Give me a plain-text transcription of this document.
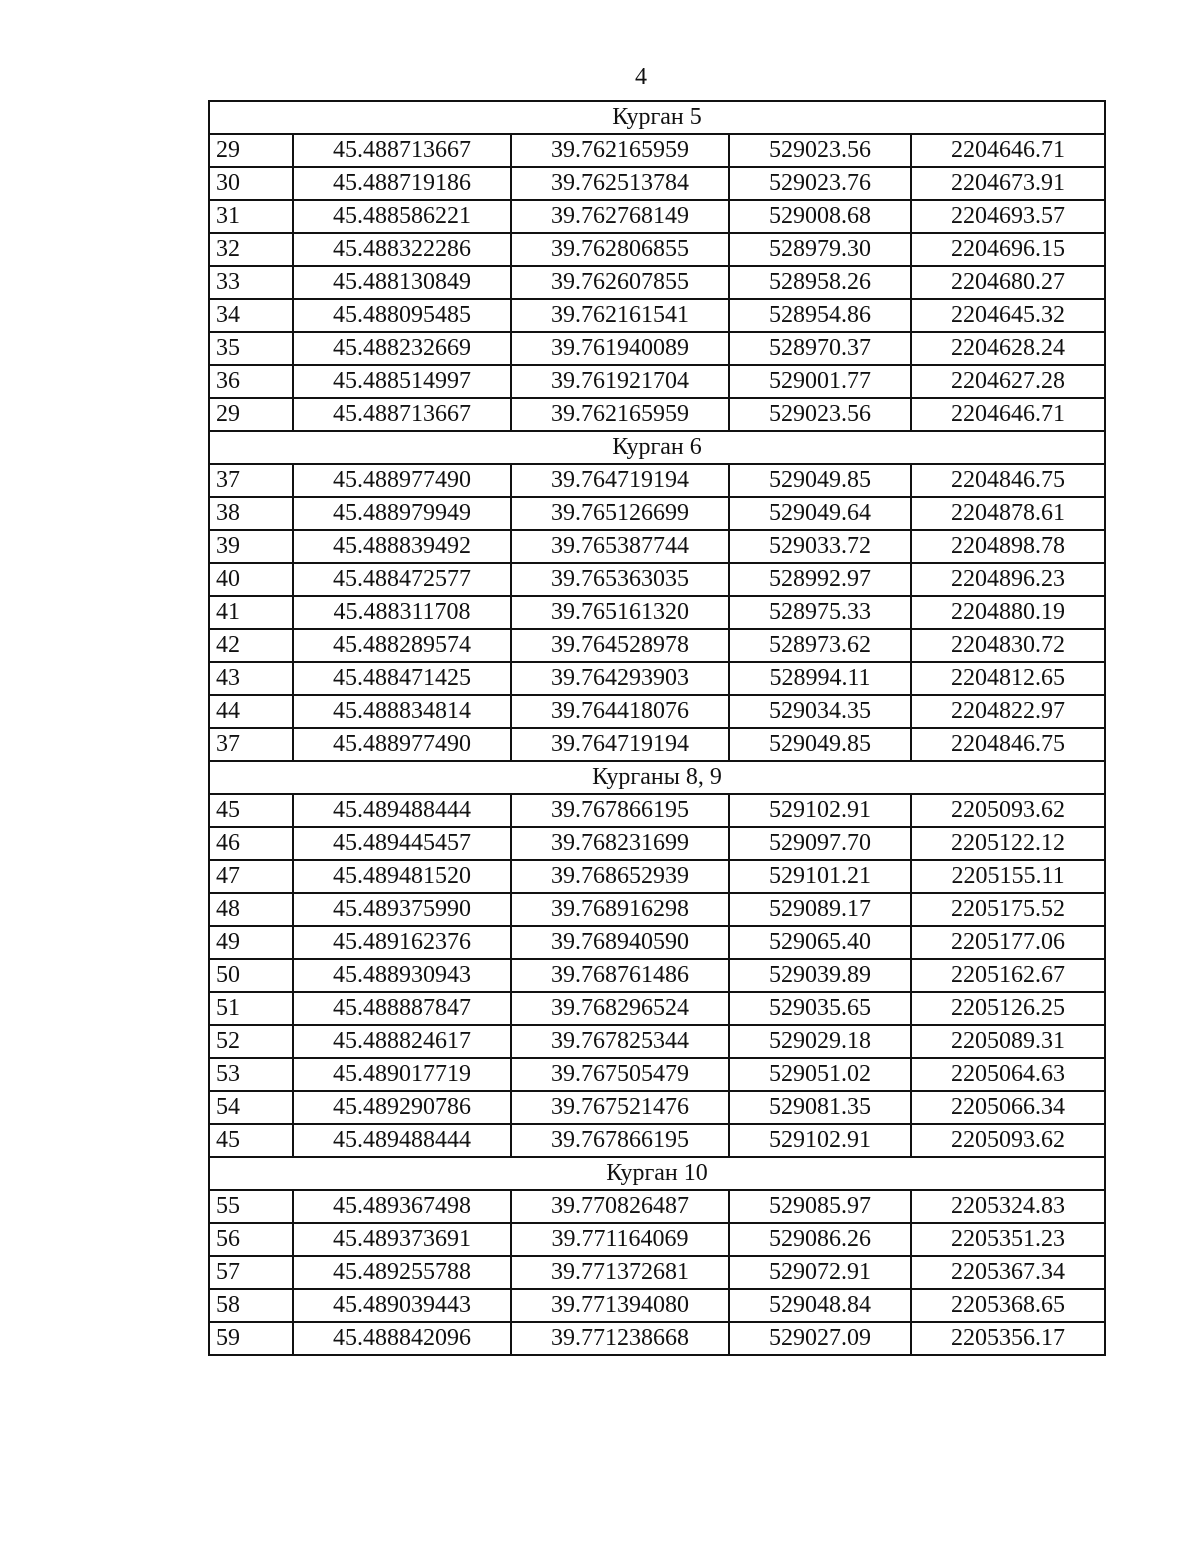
4
Курган 5				
29	45.488713667	39.762165959	529023.56	2204646.71
30	45.488719186	39.762513784	529023.76	2204673.91
31	45.488586221	39.762768149	529008.68	2204693.57
32	45.488322286	39.762806855	528979.30	2204696.15
33	45.488130849	39.762607855	528958.26	2204680.27
34	45.488095485	39.762161541	528954.86	2204645.32
35	45.488232669	39.761940089	528970.37	2204628.24
36	45.488514997	39.761921704	529001.77	2204627.28
29	45.488713667	39.762165959	529023.56	2204646.71
Курган 6				
37	45.488977490	39.764719194	529049.85	2204846.75
38	45.488979949	39.765126699	529049.64	2204878.61
39	45.488839492	39.765387744	529033.72	2204898.78
40	45.488472577	39.765363035	528992.97	2204896.23
41	45.488311708	39.765161320	528975.33	2204880.19
42	45.488289574	39.764528978	528973.62	2204830.72
43	45.488471425	39.764293903	528994.11	2204812.65
44	45.488834814	39.764418076	529034.35	2204822.97
37	45.488977490	39.764719194	529049.85	2204846.75
Курганы 8, 9				
45	45.489488444	39.767866195	529102.91	2205093.62
46	45.489445457	39.768231699	529097.70	2205122.12
47	45.489481520	39.768652939	529101.21	2205155.11
48	45.489375990	39.768916298	529089.17	2205175.52
49	45.489162376	39.768940590	529065.40	2205177.06
50	45.488930943	39.768761486	529039.89	2205162.67
51	45.488887847	39.768296524	529035.65	2205126.25
52	45.488824617	39.767825344	529029.18	2205089.31
53	45.489017719	39.767505479	529051.02	2205064.63
54	45.489290786	39.767521476	529081.35	2205066.34
45	45.489488444	39.767866195	529102.91	2205093.62
Курган 10				
55	45.489367498	39.770826487	529085.97	2205324.83
56	45.489373691	39.771164069	529086.26	2205351.23
57	45.489255788	39.771372681	529072.91	2205367.34
58	45.489039443	39.771394080	529048.84	2205368.65
59	45.488842096	39.771238668	529027.09	2205356.17
